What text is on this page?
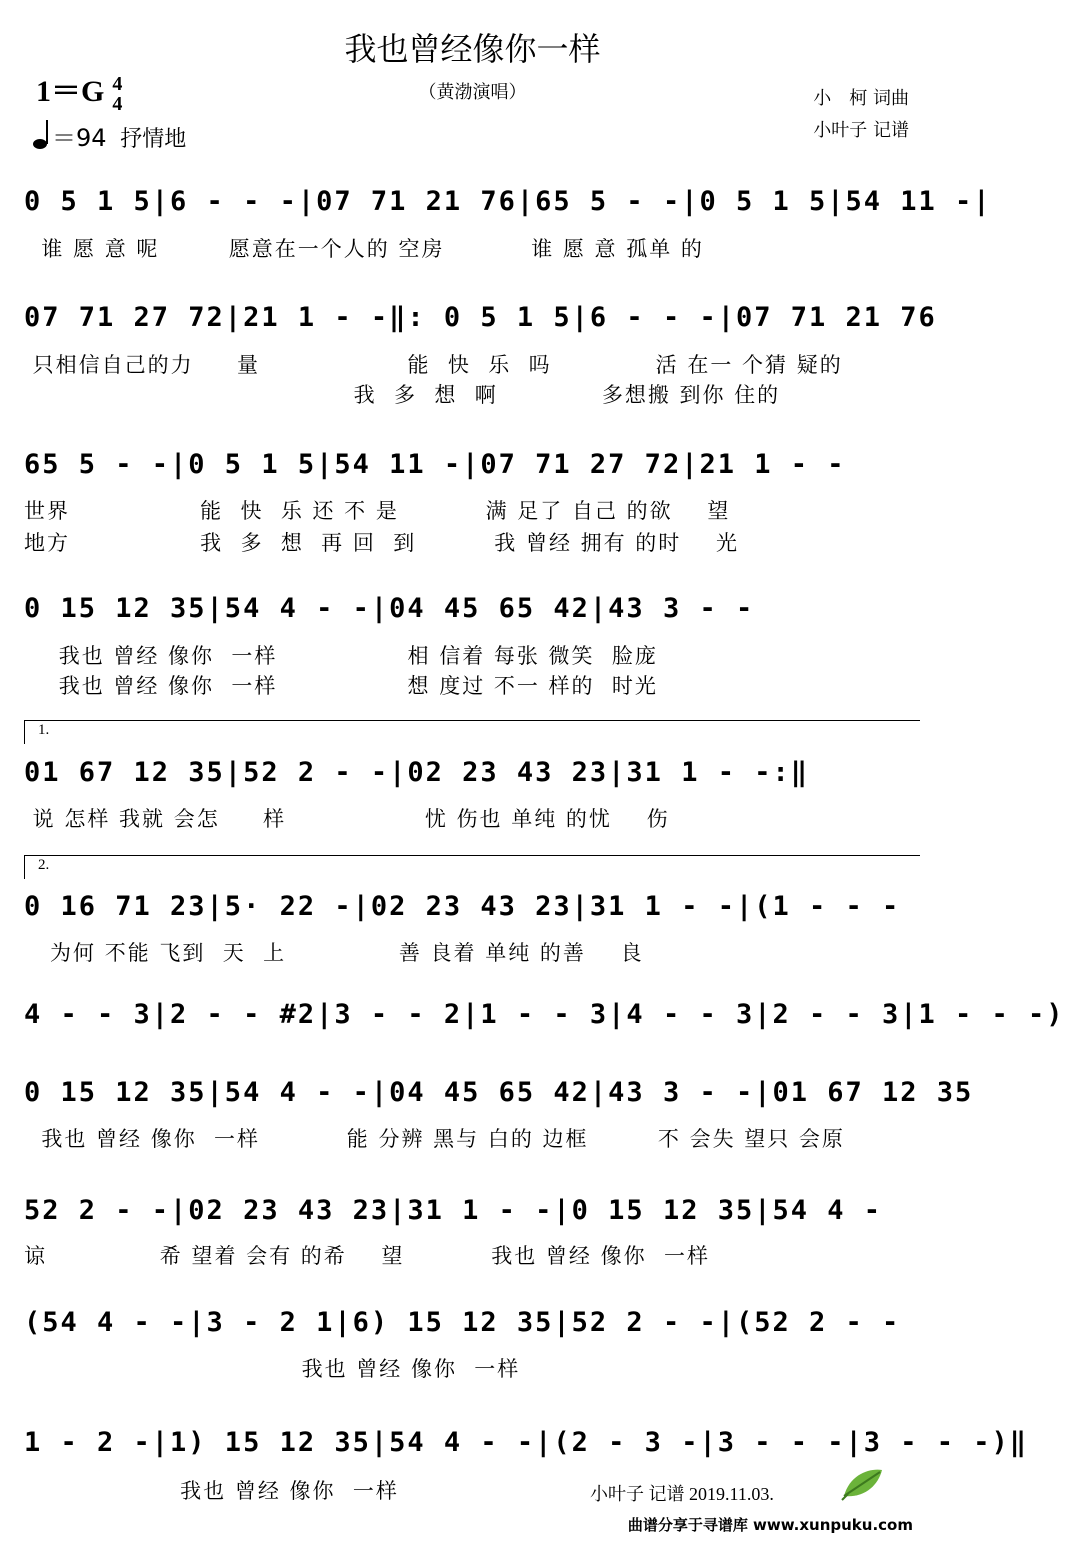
我也曾经像你一样
（黄渤演唱）
1＝G 4
4
＝94 抒情地
小　柯 词曲
小叶子 记谱
0 5 1 5|6 - - -|07 71 21 76|65 5 - -|0 5 1 5|54 11 -|
谁 愿 意 呢        愿意在一个人的 空房          谁 愿 意 孤单 的
07 71 27 72|21 1 - -‖: 0 5 1 5|6 - - -|07 71 21 76
只相信自己的力     量                 能  快  乐  吗            活 在一 个猜 疑的
我  多  想  啊            多想搬 到你 住的
65 5 - -|0 5 1 5|54 11 -|07 71 27 72|21 1 - -
世界               能  快  乐 还 不 是          满 足了 自己 的欲    望
地方               我  多  想  再 回  到         我 曾经 拥有 的时    光
0 15 12 35|54 4 - -|04 45 65 42|43 3 - -
我也 曾经 像你  一样               相 信着 每张 微笑  脸庞
我也 曾经 像你  一样               想 度过 不一 样的  时光
1.
01 67 12 35|52 2 - -|02 23 43 23|31 1 - -:‖
说 怎样 我就 会怎     样                忧 伤也 单纯 的忧    伤
2.
0 16 71 23|5· 22 -|02 23 43 23|31 1 - -|(1 - - -
为何 不能 飞到  天  上             善 良着 单纯 的善    良
4 - - 3|2 - - #2|3 - - 2|1 - - 3|4 - - 3|2 - - 3|1 - - -)
0 15 12 35|54 4 - -|04 45 65 42|43 3 - -|01 67 12 35
我也 曾经 像你  一样          能 分辨 黑与 白的 边框        不 会失 望只 会原
52 2 - -|02 23 43 23|31 1 - -|0 15 12 35|54 4 -
谅             希 望着 会有 的希    望          我也 曾经 像你  一样
(54 4 - -|3 - 2 1|6) 15 12 35|52 2 - -|(52 2 - -
我也 曾经 像你  一样
1 - 2 -|1) 15 12 35|54 4 - -|(2 - 3 -|3 - - -|3 - - -)‖
我也 曾经 像你  一样	小叶子 记谱 2019.11.03.
曲谱分享于寻谱库 www.xunpuku.com
